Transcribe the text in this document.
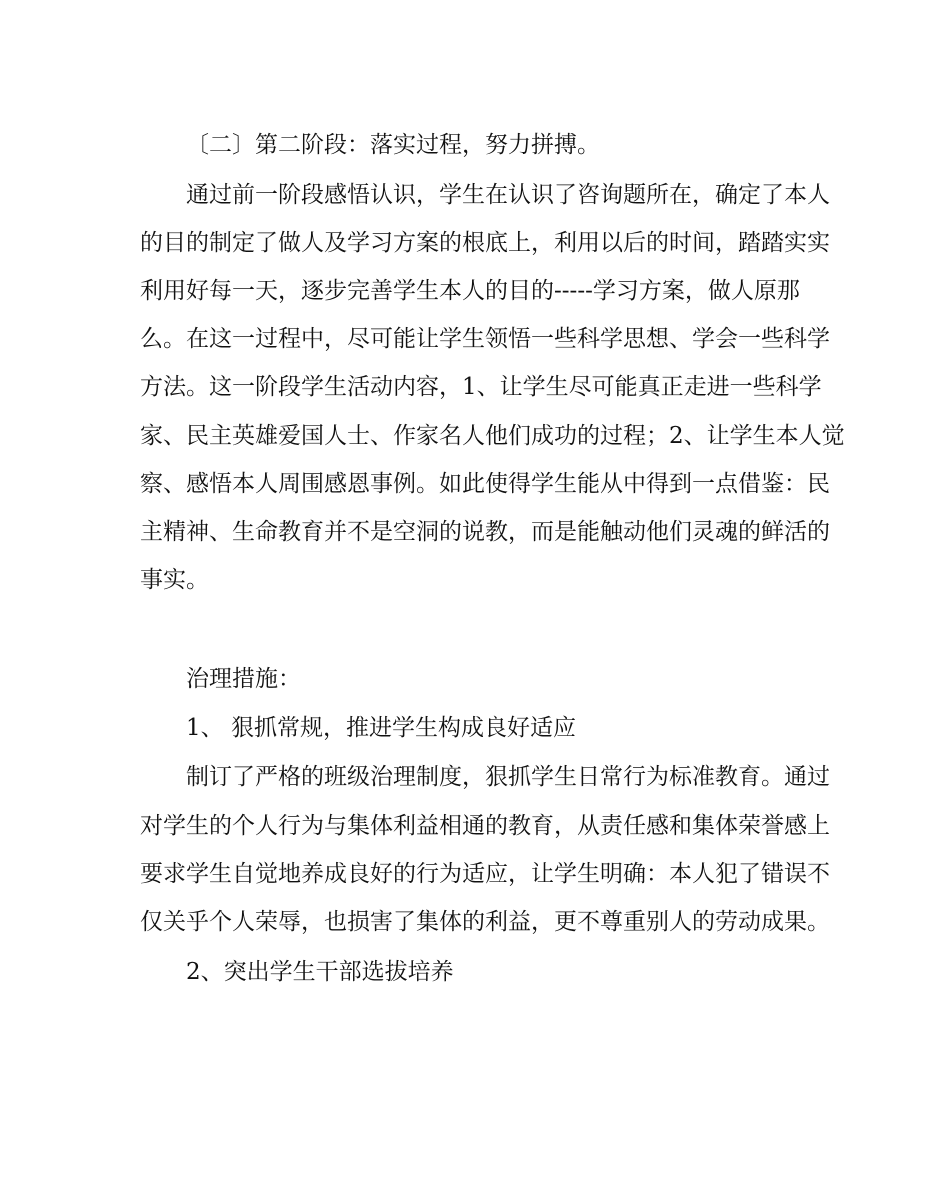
〔二〕第二阶段：落实过程，努力拼搏。
通过前一阶段感悟认识，学生在认识了咨询题所在，确定了本人
的目的制定了做人及学习方案的根底上，利用以后的时间，踏踏实实
利用好每一天，逐步完善学生本人的目的-----学习方案，做人原那
么。在这一过程中，尽可能让学生领悟一些科学思想、学会一些科学
方法。这一阶段学生活动内容，1、让学生尽可能真正走进一些科学
家、民主英雄爱国人士、作家名人他们成功的过程；2、让学生本人觉
察、感悟本人周围感恩事例。如此使得学生能从中得到一点借鉴：民
主精神、生命教育并不是空洞的说教，而是能触动他们灵魂的鲜活的
事实。
治理措施：
1、 狠抓常规，推进学生构成良好适应
制订了严格的班级治理制度，狠抓学生日常行为标准教育。通过
对学生的个人行为与集体利益相通的教育，从责任感和集体荣誉感上
要求学生自觉地养成良好的行为适应，让学生明确：本人犯了错误不
仅关乎个人荣辱，也损害了集体的利益，更不尊重别人的劳动成果。
2、突出学生干部选拔培养
